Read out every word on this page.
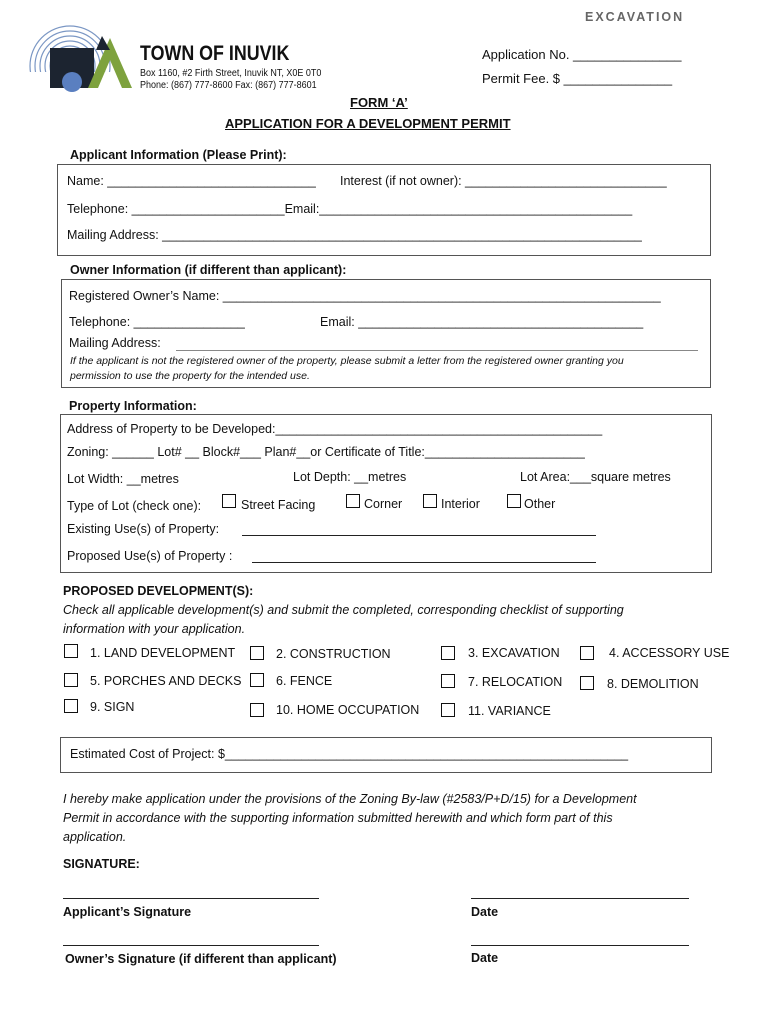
EXCAVATION
TOWN OF INUVIK
Box 1160, #2 Firth Street, Inuvik NT, X0E 0T0
Phone: (867) 777-8600 Fax: (867) 777-8601
Application No. _______________
Permit Fee. $ _______________
FORM ‘A’
APPLICATION FOR A DEVELOPMENT PERMIT
Applicant Information (Please Print):
Name: ______________________________ Interest (if not owner): _____________________________
Telephone: ______________________Email:_____________________________________________
Mailing Address: _____________________________________________________________________
Owner Information (if different than applicant):
Registered Owner’s Name: _______________________________________________________________
Telephone: ________________	Email: _________________________________________
Mailing Address:
If the applicant is not the registered owner of the property, please submit a letter from the registered owner granting you
permission to use the property for the intended use.
Property Information:
Address of Property to be Developed:_______________________________________________
Zoning: ______ Lot# __ Block#___ Plan#__or Certificate of Title:_______________________
Lot Width: __metres	Lot Depth: __metres	Lot Area:___square metres
Type of Lot (check one):	Street Facing	Corner	Interior	Other
Existing Use(s) of Property:
Proposed Use(s) of Property :
PROPOSED DEVELOPMENT(S):
Check all applicable development(s) and submit the completed, corresponding checklist of supporting
information with your application.
1. LAND DEVELOPMENT	2. CONSTRUCTION	3. EXCAVATION	4. ACCESSORY USE
5. PORCHES AND DECKS	6. FENCE	7. RELOCATION	8. DEMOLITION
9. SIGN	10. HOME OCCUPATION	11. VARIANCE
Estimated Cost of Project: $__________________________________________________________
I hereby make application under the provisions of the Zoning By-law (#2583/P+D/15) for a Development
Permit in accordance with the supporting information submitted herewith and which form part of this
application.
SIGNATURE:
Applicant’s Signature	Date
Owner’s Signature (if different than applicant)	Date
